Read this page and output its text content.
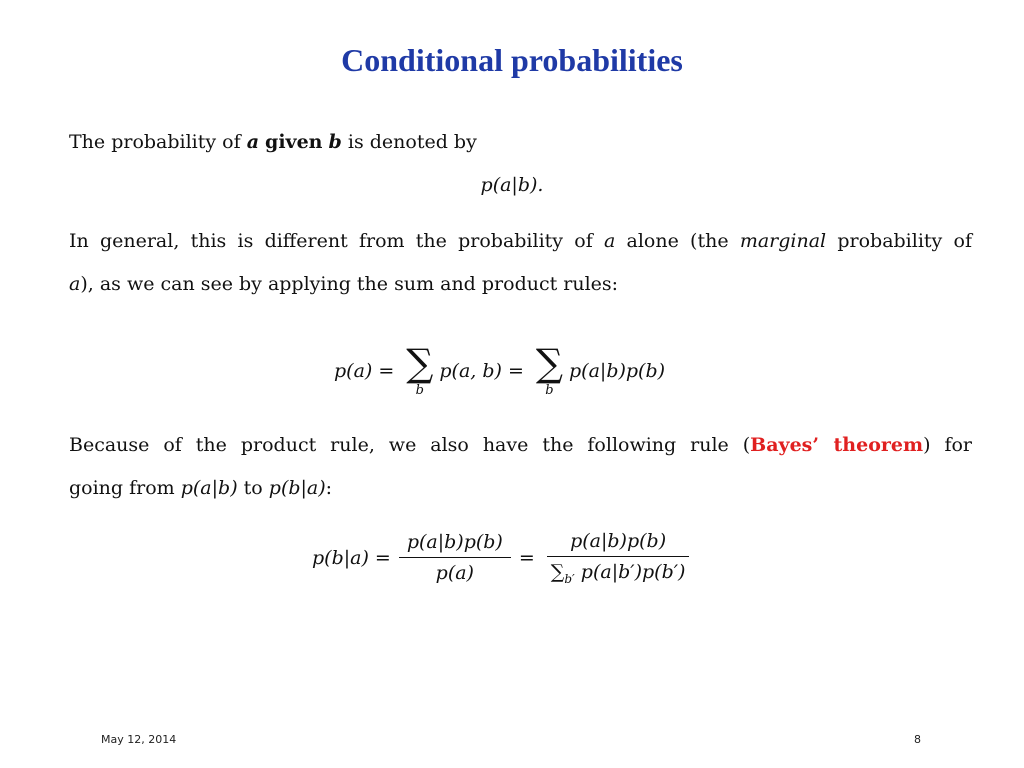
Conditional probabilities
The probability of a given b is denoted by
p(a|b).
In general, this is different from the probability of a alone (the marginal probability of
a), as we can see by applying the sum and product rules:
p(a) = ∑
b
p(a, b) = ∑
b
p(a|b)p(b)
Because of the product rule, we also have the following rule (Bayes’ theorem) for
going from p(a|b) to p(b|a):
$p(b|a) = \frac{p(a|b)p(b)}{p(a)} = \frac{p(a|b)p(b)}{\sum_{b'} p(a|b')p(b')}$
May 12, 2014	8
